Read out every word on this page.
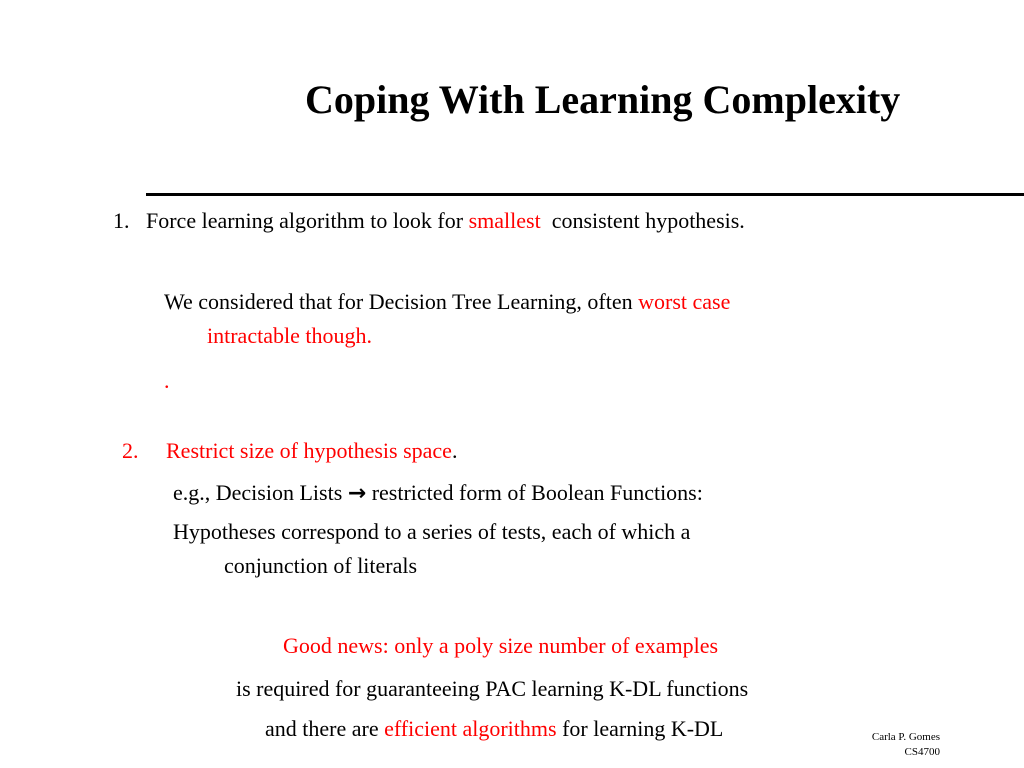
Coping With Learning Complexity
1. Force learning algorithm to look for smallest consistent hypothesis.
We considered that for Decision Tree Learning, often worst case
intractable though.
.
2. Restrict size of hypothesis space.
e.g., Decision Lists → restricted form of Boolean Functions:
Hypotheses correspond to a series of tests, each of which a
conjunction of literals
Good news: only a poly size number of examples
is required for guaranteeing PAC learning K-DL functions
and there are efficient algorithms for learning K-DL	Carla P. Gomes
CS4700
